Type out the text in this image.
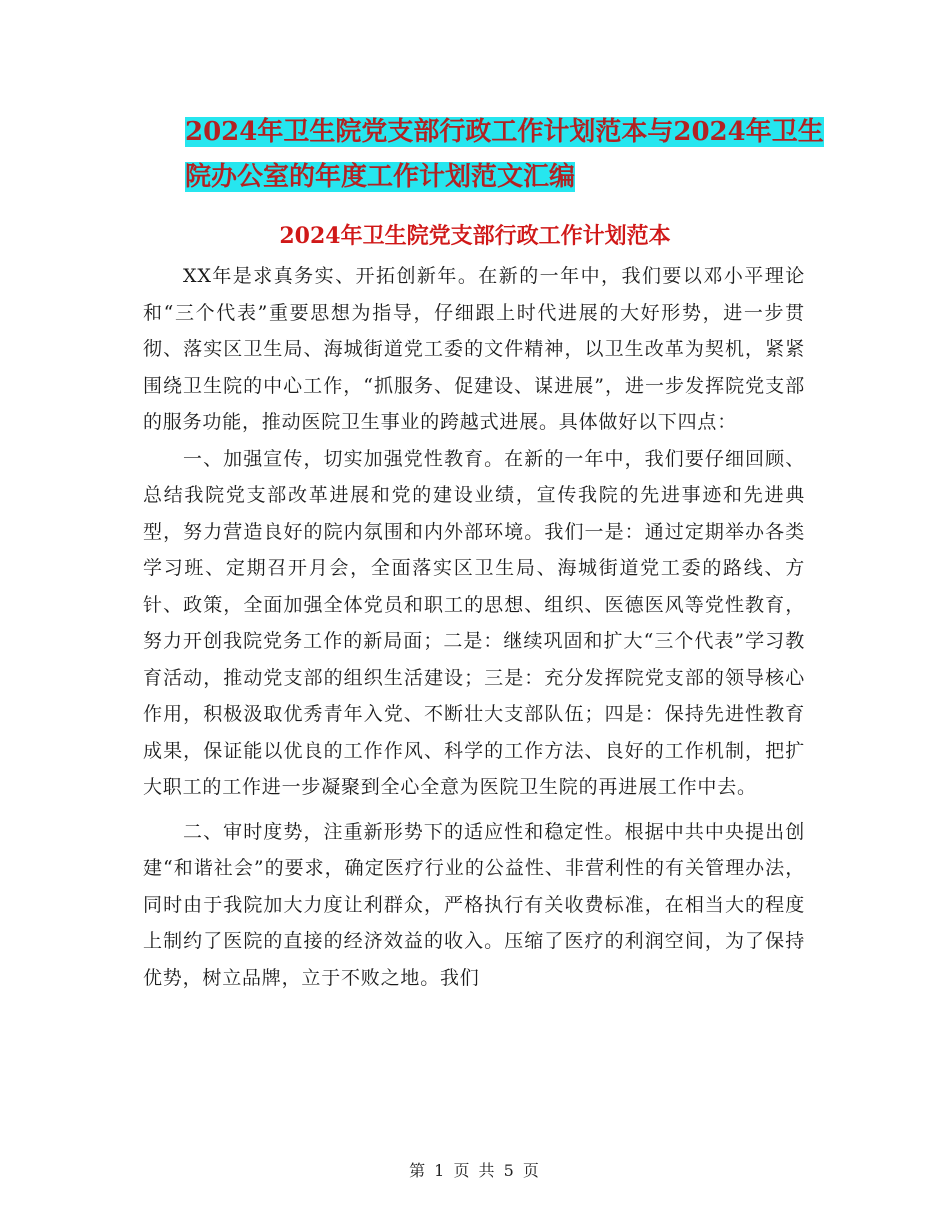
2024年卫生院党支部行政工作计划范本与2024年卫生
院办公室的年度工作计划范文汇编
2024年卫生院党支部行政工作计划范本

XX年是求真务实、开拓创新年。在新的一年中，我们要以邓小平理论和“三个代表”重要思想为指导，仔细跟上时代进展的大好形势，进一步贯彻、落实区卫生局、海城街道党工委的文件精神，以卫生改革为契机，紧紧围绕卫生院的中心工作，“抓服务、促建设、谋进展”，进一步发挥院党支部的服务功能，推动医院卫生事业的跨越式进展。具体做好以下四点：

一、加强宣传，切实加强党性教育。在新的一年中，我们要仔细回顾、总结我院党支部改革进展和党的建设业绩，宣传我院的先进事迹和先进典型，努力营造良好的院内氛围和内外部环境。我们一是：通过定期举办各类学习班、定期召开月会，全面落实区卫生局、海城街道党工委的路线、方针、政策，全面加强全体党员和职工的思想、组织、医德医风等党性教育，努力开创我院党务工作的新局面；二是：继续巩固和扩大“三个代表”学习教育活动，推动党支部的组织生活建设；三是：充分发挥院党支部的领导核心作用，积极汲取优秀青年入党、不断壮大支部队伍；四是：保持先进性教育成果，保证能以优良的工作作风、科学的工作方法、良好的工作机制，把扩大职工的工作进一步凝聚到全心全意为医院卫生院的再进展工作中去。

二、审时度势，注重新形势下的适应性和稳定性。根据中共中央提出创建“和谐社会”的要求，确定医疗行业的公益性、非营利性的有关管理办法，同时由于我院加大力度让利群众，严格执行有关收费标准，在相当大的程度上制约了医院的直接的经济效益的收入。压缩了医疗的利润空间，为了保持优势，树立品牌，立于不败之地。我们

第 1 页 共 5 页
